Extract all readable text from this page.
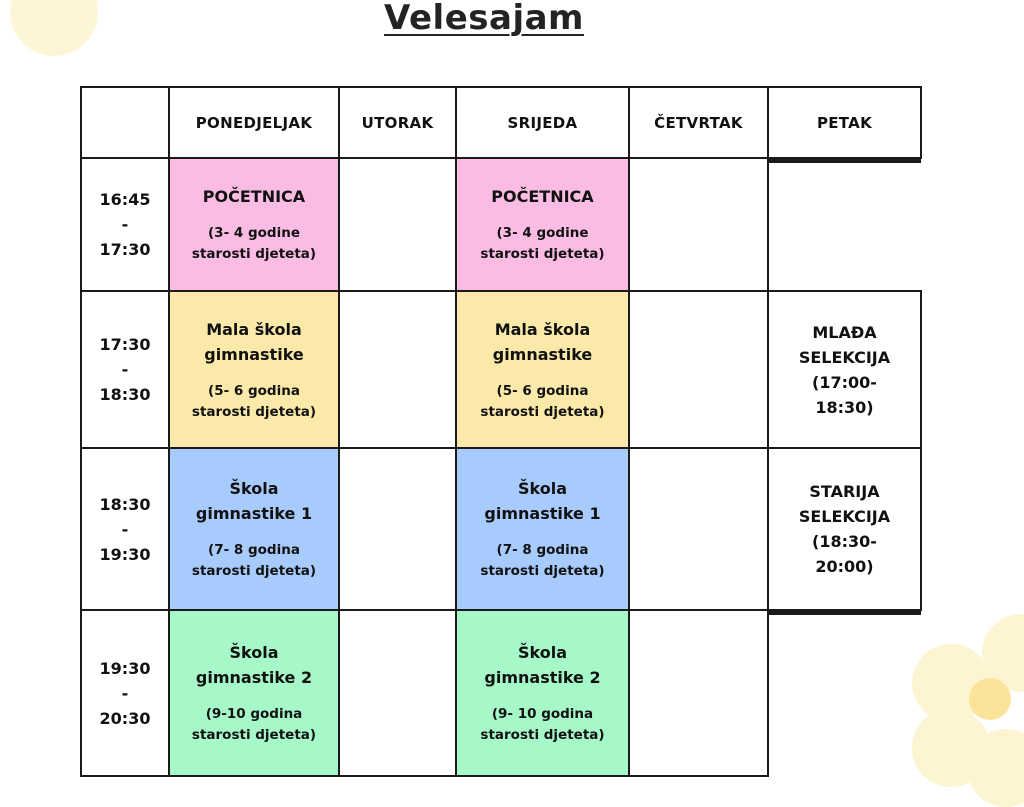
Velesajam
	PONEDJELJAK	UTORAK	SRIJEDA	ČETVRTAK	PETAK
16:45
-
17:30	POČETNICA
(3- 4 godine
starosti djeteta)		POČETNICA
(3- 4 godine
starosti djeteta)		

17:30
-
18:30	Mala škola
gimnastike
(5- 6 godina
starosti djeteta)		Mala škola
gimnastike
(5- 6 godina
starosti djeteta)		MLAĐA
SELEKCIJA
(17:00-
18:30)

18:30
-
19:30	Škola
gimnastike 1
(7- 8 godina
starosti djeteta)		Škola
gimnastike 1
(7- 8 godina
starosti djeteta)		STARIJA
SELEKCIJA
(18:30-
20:00)

19:30
-
20:30	Škola
gimnastike 2
(9-10 godina
starosti djeteta)		Škola
gimnastike 2
(9- 10 godina
starosti djeteta)		
